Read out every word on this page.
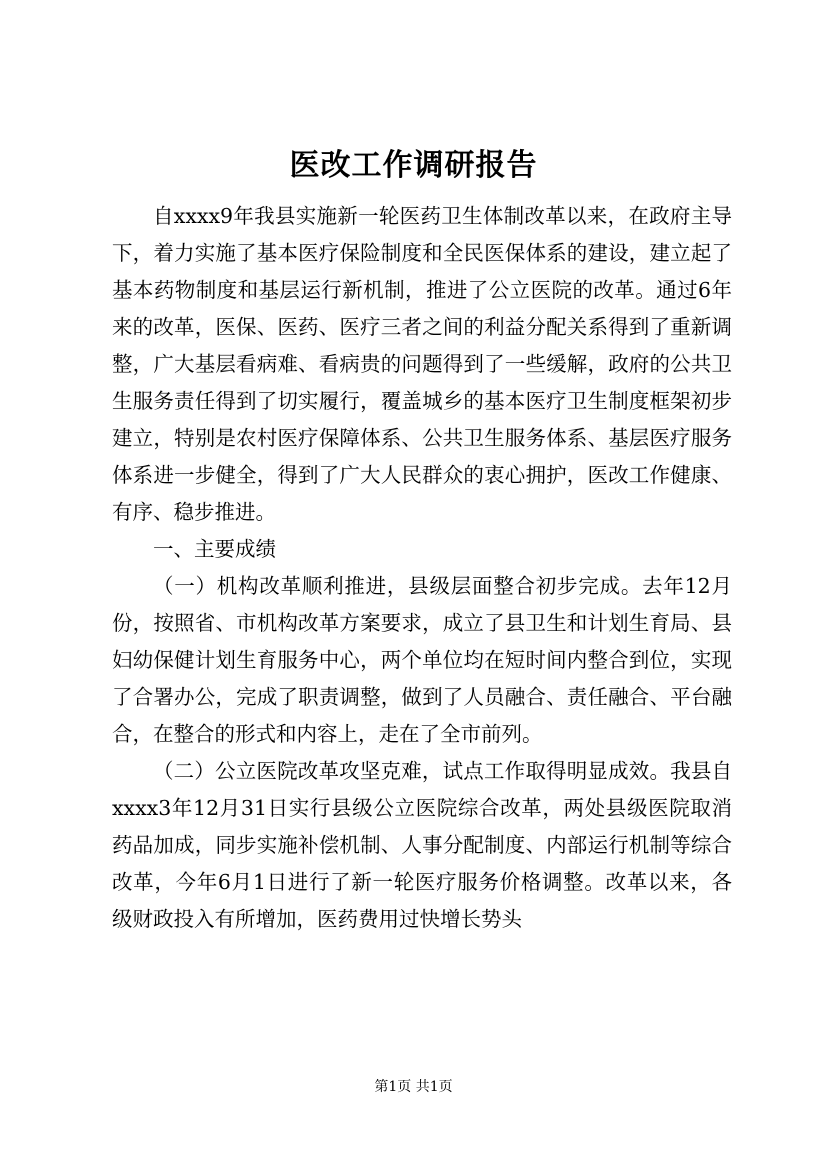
医改工作调研报告

自xxxx9年我县实施新一轮医药卫生体制改革以来，在政府主导下，着力实施了基本医疗保险制度和全民医保体系的建设，建立起了基本药物制度和基层运行新机制，推进了公立医院的改革。通过6年来的改革，医保、医药、医疗三者之间的利益分配关系得到了重新调整，广大基层看病难、看病贵的问题得到了一些缓解，政府的公共卫生服务责任得到了切实履行，覆盖城乡的基本医疗卫生制度框架初步建立，特别是农村医疗保障体系、公共卫生服务体系、基层医疗服务体系进一步健全，得到了广大人民群众的衷心拥护，医改工作健康、有序、稳步推进。

一、主要成绩

（一）机构改革顺利推进，县级层面整合初步完成。去年12月份，按照省、市机构改革方案要求，成立了县卫生和计划生育局、县妇幼保健计划生育服务中心，两个单位均在短时间内整合到位，实现了合署办公，完成了职责调整，做到了人员融合、责任融合、平台融合，在整合的形式和内容上，走在了全市前列。

（二）公立医院改革攻坚克难，试点工作取得明显成效。我县自xxxx3年12月31日实行县级公立医院综合改革，两处县级医院取消药品加成，同步实施补偿机制、人事分配制度、内部运行机制等综合改革，今年6月1日进行了新一轮医疗服务价格调整。改革以来，各级财政投入有所增加，医药费用过快增长势头

第1页 共1页
